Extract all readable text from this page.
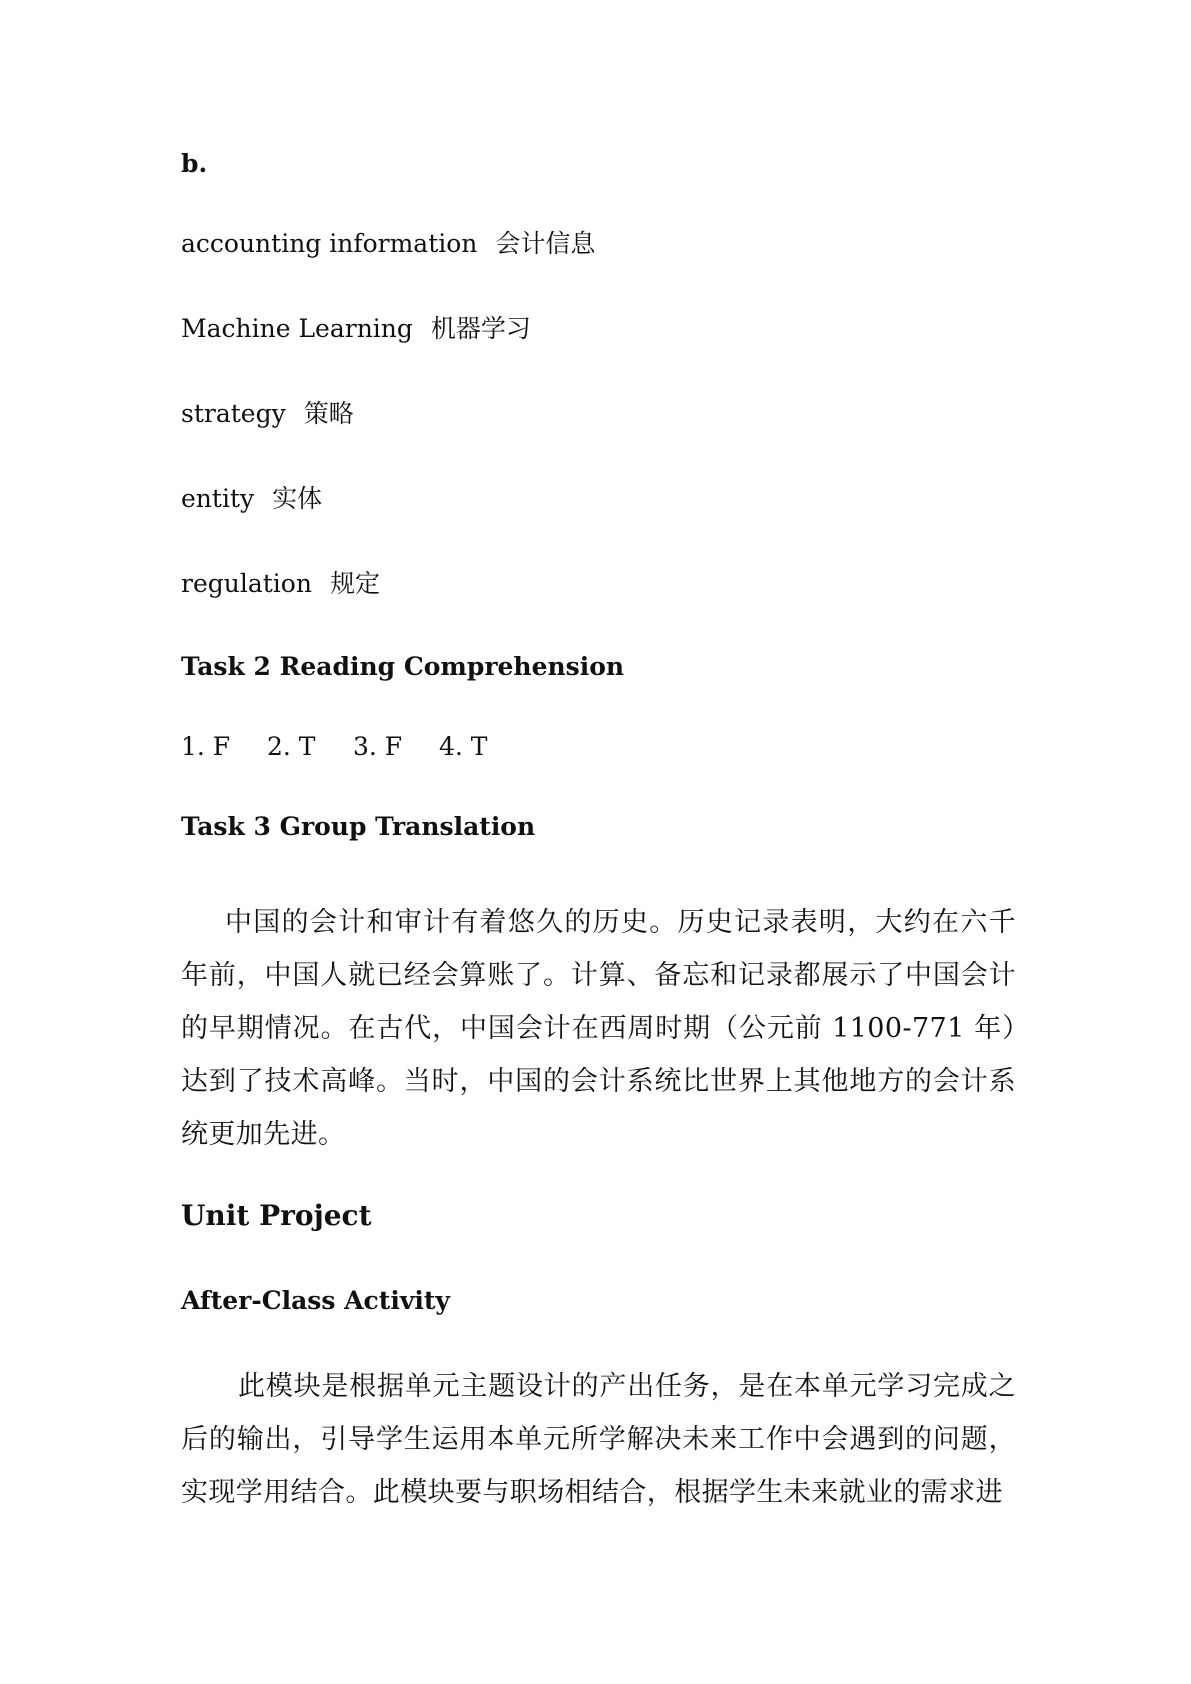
b.
accounting information 会计信息
Machine Learning 机器学习
strategy 策略
entity 实体
regulation 规定
Task 2 Reading Comprehension
1. F 2. T 3. F 4. T
Task 3 Group Translation

中国的会计和审计有着悠久的历史。历史记录表明，大约在六千年前，中国人就已经会算账了。计算、备忘和记录都展示了中国会计的早期情况。在古代，中国会计在西周时期（公元前 1100-771 年）达到了技术高峰。当时，中国的会计系统比世界上其他地方的会计系统更加先进。

Unit Project
After-Class Activity

此模块是根据单元主题设计的产出任务，是在本单元学习完成之后的输出，引导学生运用本单元所学解决未来工作中会遇到的问题，实现学用结合。此模块要与职场相结合，根据学生未来就业的需求进
